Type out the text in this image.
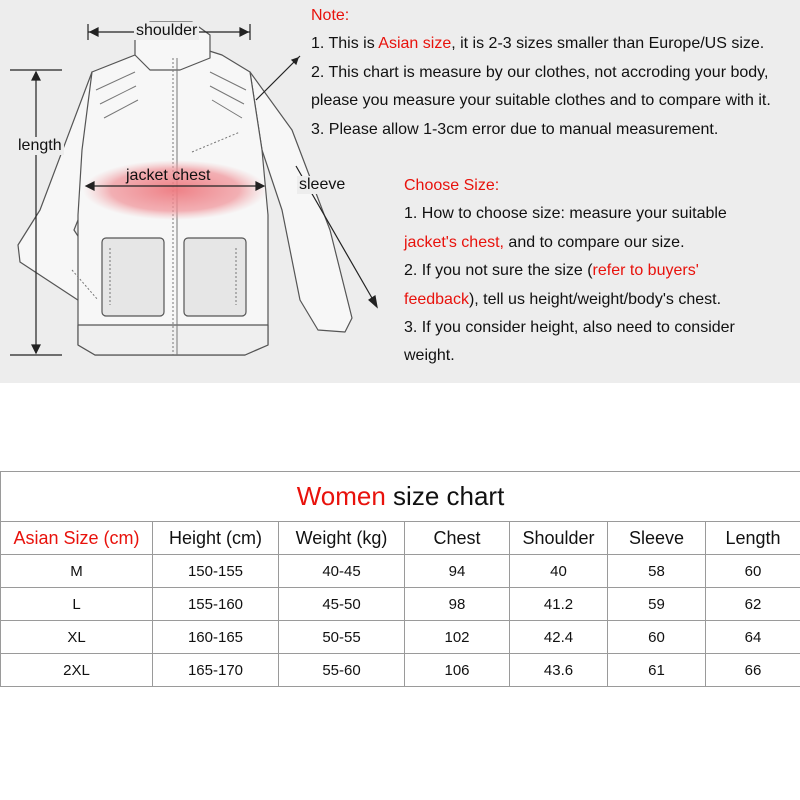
shoulder
length
jacket chest
sleeve
Note:
1. This is Asian size, it is 2-3 sizes smaller than Europe/US size.
2. This chart is measure by our clothes, not accroding your body,
please you measure your suitable clothes and to compare with it.
3. Please allow 1-3cm error due to manual measurement.
Choose Size:
1. How to choose size: measure your suitable
jacket's chest, and to compare our size.
2. If you not sure the size (refer to buyers'
feedback), tell us height/weight/body's chest.
3. If you consider height, also need to consider
weight.
Women size chart						
Asian Size (cm)	Height (cm)	Weight (kg)	Chest	Shoulder	Sleeve	Length
M	150-155	40-45	94	40	58	60
L	155-160	45-50	98	41.2	59	62
XL	160-165	50-55	102	42.4	60	64
2XL	165-170	55-60	106	43.6	61	66
